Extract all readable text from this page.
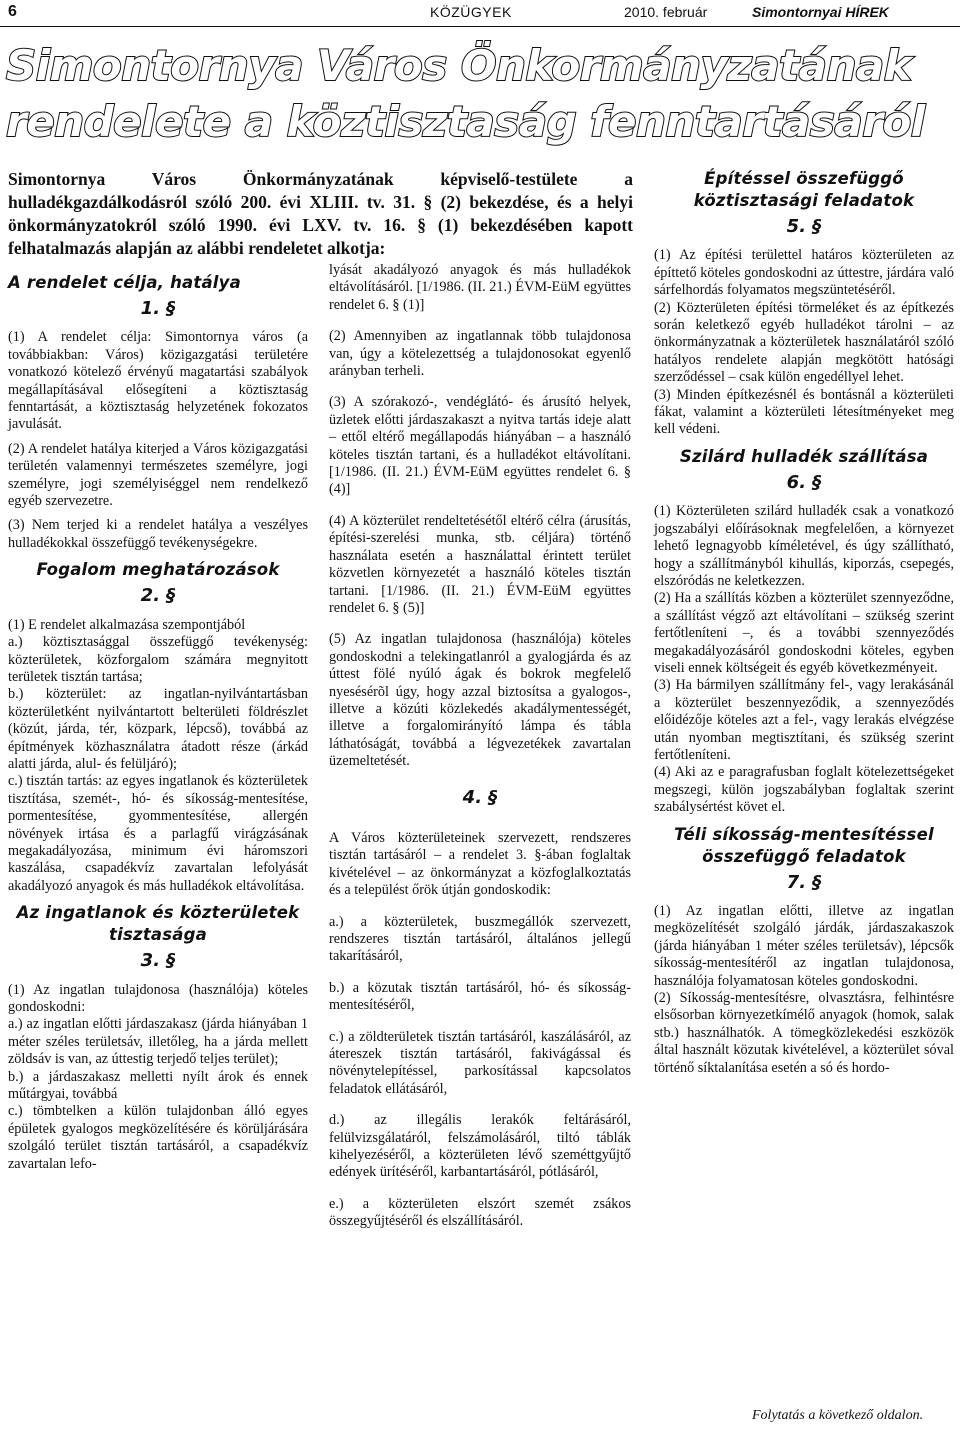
6	KÖZÜGYEK	2010. február	Simontornyai HÍREK
Simontornya Város Önkormányzatának
rendelete a köztisztaság fenntartásáról
Simontornya Város Önkormányzatának képviselő-testülete a hulladékgazdálkodásról szóló 200. évi XLIII. tv. 31. § (2) bekezdése, és a helyi önkormányzatokról szóló 1990. évi LXV. tv. 16. § (1) bekezdésében kapott felhatalmazás alapján az alábbi rendeletet alkotja:
A rendelet célja, hatálya
1. §

(1) A rendelet célja: Simontornya város (a továbbiakban: Város) közigazgatási területére vonatkozó kötelező érvényű magatartási szabályok megállapításával elősegíteni a köztisztaság fenntartását, a köztisztaság helyzetének fokozatos javulását.

(2) A rendelet hatálya kiterjed a Város közigazgatási területén valamennyi természetes személyre, jogi személyre, jogi személyiséggel nem rendelkező egyéb szervezetre.

(3) Nem terjed ki a rendelet hatálya a veszélyes hulladékokkal összefüggő tevékenységekre.

Fogalom meghatározások
2. §

(1) E rendelet alkalmazása szempontjából

a.) köztisztasággal összefüggő tevékenység: közterületek, közforgalom számára megnyitott területek tisztán tartása;

b.) közterület: az ingatlan-nyilvántartásban közterületként nyilvántartott belterületi földrészlet (közút, járda, tér, közpark, lépcső), továbbá az építmények közhasználatra átadott része (árkád alatti járda, alul- és felüljáró);

c.) tisztán tartás: az egyes ingatlanok és közterületek tisztítása, szemét-, hó- és síkosság-mentesítése, pormentesítése, gyommentesítése, allergén növények irtása és a parlagfű virágzásának megakadályozása, minimum évi háromszori kaszálása, csapadékvíz zavartalan lefolyását akadályozó anyagok és más hulladékok eltávolítása.

Az ingatlanok és közterületek tisztasága
3. §

(1) Az ingatlan tulajdonosa (használója) köteles gondoskodni:

a.) az ingatlan előtti járdaszakasz (járda hiányában 1 méter széles területsáv, illetőleg, ha a járda mellett zöldsáv is van, az úttestig terjedő teljes terület);

b.) a járdaszakasz melletti nyílt árok és ennek műtárgyai, továbbá

c.) tömbtelken a külön tulajdonban álló egyes épületek gyalogos megközelítésére és körüljárására szolgáló terület tisztán tartásáról, a csapadékvíz zavartalan lefo-

lyását akadályozó anyagok és más hulladékok eltávolításáról. [1/1986. (II. 21.) ÉVM-EüM együttes rendelet 6. § (1)]

(2) Amennyiben az ingatlannak több tulajdonosa van, úgy a kötelezettség a tulajdonosokat egyenlő arányban terheli.

(3) A szórakozó-, vendéglátó- és árusító helyek, üzletek előtti járdaszakaszt a nyitva tartás ideje alatt – ettől eltérő megállapodás hiányában – a használó köteles tisztán tartani, és a hulladékot eltávolítani. [1/1986. (II. 21.) ÉVM-EüM együttes rendelet 6. § (4)]

(4) A közterület rendeltetésétől eltérő célra (árusítás, építési-szerelési munka, stb. céljára) történő használata esetén a használattal érintett terület közvetlen környezetét a használó köteles tisztán tartani. [1/1986. (II. 21.) ÉVM-EüM együttes rendelet 6. § (5)]

(5) Az ingatlan tulajdonosa (használója) köteles gondoskodni a telekingatlanról a gyalogjárda és az úttest fölé nyúló ágak és bokrok megfelelő nyesésérõl úgy, hogy azzal biztosítsa a gyalogos-, illetve a közúti közlekedés akadálymentességét, illetve a forgalomirányító lámpa és tábla láthatóságát, továbbá a légvezetékek zavartalan üzemeltetését.

4. §

A Város közterületeinek szervezett, rendszeres tisztán tartásáról – a rendelet 3. §-ában foglaltak kivételével – az önkormányzat a közfoglalkoztatás és a települést őrök útján gondoskodik:

a.) a közterületek, buszmegállók szervezett, rendszeres tisztán tartásáról, általános jellegű takarításáról,

b.) a közutak tisztán tartásáról, hó- és síkosság-mentesítéséről,

c.) a zöldterületek tisztán tartásáról, kaszálásáról, az átereszek tisztán tartásáról, fakivágással és növénytelepítéssel, parkosítással kapcsolatos feladatok ellátásáról,

d.) az illegális lerakók feltárásáról, felülvizsgálatáról, felszámolásáról, tiltó táblák kihelyezéséről, a közterületen lévő szeméttgyűjtő edények ürítéséről, karbantartásáról, pótlásáról,

e.) a közterületen elszórt szemét zsákos összegyűjtéséről és elszállításáról.

Építéssel összefüggő köztisztasági feladatok
5. §

(1) Az építési területtel határos közterületen az építtető köteles gondoskodni az úttestre, járdára való sárfelhordás folyamatos megszüntetéséről.

(2) Közterületen építési törmeléket és az építkezés során keletkező egyéb hulladékot tárolni – az önkormányzatnak a közterületek használatáról szóló hatályos rendelete alapján megkötött hatósági szerződéssel – csak külön engedéllyel lehet.

(3) Minden építkezésnél és bontásnál a közterületi fákat, valamint a közterületi létesítményeket meg kell védeni.

Szilárd hulladék szállítása
6. §

(1) Közterületen szilárd hulladék csak a vonatkozó jogszabályi előírásoknak megfelelően, a környezet lehető legnagyobb kíméletével, és úgy szállítható, hogy a szállítmányból kihullás, kiporzás, csepegés, elszóródás ne keletkezzen.

(2) Ha a szállítás közben a közterület szennyeződne, a szállítást végző azt eltávolítani – szükség szerint fertőtleníteni –, és a további szennyeződés megakadályozásáról gondoskodni köteles, egyben viseli ennek költségeit és egyéb következményeit.

(3) Ha bármilyen szállítmány fel-, vagy lerakásánál a közterület beszennyeződik, a szennyeződés előidézője köteles azt a fel-, vagy lerakás elvégzése után nyomban megtisztítani, és szükség szerint fertőtleníteni.

(4) Aki az e paragrafusban foglalt kötelezettségeket megszegi, külön jogszabályban foglaltak szerint szabálysértést követ el.

Téli síkosság-mentesítéssel összefüggő feladatok
7. §

(1) Az ingatlan előtti, illetve az ingatlan megközelítését szolgáló járdák, járdaszakaszok (járda hiányában 1 méter széles területsáv), lépcsők síkosság-mentesítéről az ingatlan tulajdonosa, használója folyamatosan köteles gondoskodni.

(2) Síkosság-mentesítésre, olvasztásra, felhintésre elsősorban környezetkímélő anyagok (homok, salak stb.) használhatók. A tömegközlekedési eszközök által használt közutak kivételével, a közterület sóval történő síktalanítása esetén a só és hordo-

Folytatás a következő oldalon.
